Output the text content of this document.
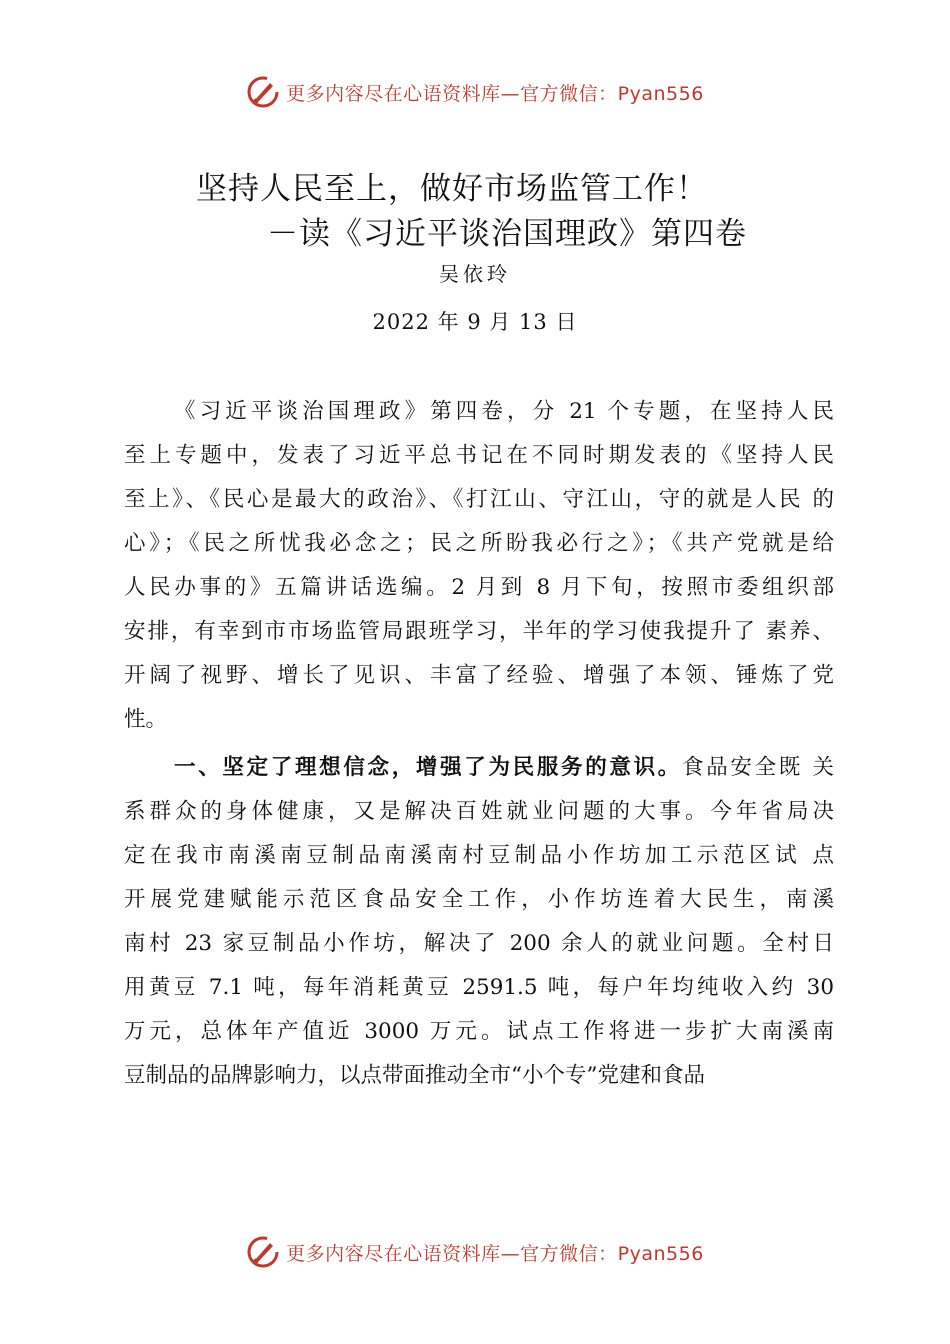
更多内容尽在心语资料库—官方微信：Pyan556
坚持人民至上，做好市场监管工作！
－读《习近平谈治国理政》第四卷
吴依玲
2022 年 9 月 13 日
《习近平谈治国理政》第四卷，分 21 个专题，在坚持人民
至上专题中，发表了习近平总书记在不同时期发表的《坚持人民
至上》、《民心是最大的政治》、《打江山、守江山，守的就是人民 的
心》；《民之所忧我必念之；民之所盼我必行之》；《共产党就是给
人民办事的》五篇讲话选编。2 月到 8 月下旬，按照市委组织部
安排，有幸到市市场监管局跟班学习，半年的学习使我提升了 素养、
开阔了视野、增长了见识、丰富了经验、增强了本领、锤炼了党
性。
一、坚定了理想信念，增强了为民服务的意识。食品安全既 关
系群众的身体健康，又是解决百姓就业问题的大事。今年省局决
定在我市南溪南豆制品南溪南村豆制品小作坊加工示范区试 点
开展党建赋能示范区食品安全工作，小作坊连着大民生，南溪
南村 23 家豆制品小作坊，解决了 200 余人的就业问题。全村日
用黄豆 7.1 吨，每年消耗黄豆 2591.5 吨，每户年均纯收入约 30
万元，总体年产值近 3000 万元。试点工作将进一步扩大南溪南
豆制品的品牌影响力，以点带面推动全市“小个专”党建和食品
更多内容尽在心语资料库—官方微信：Pyan556
